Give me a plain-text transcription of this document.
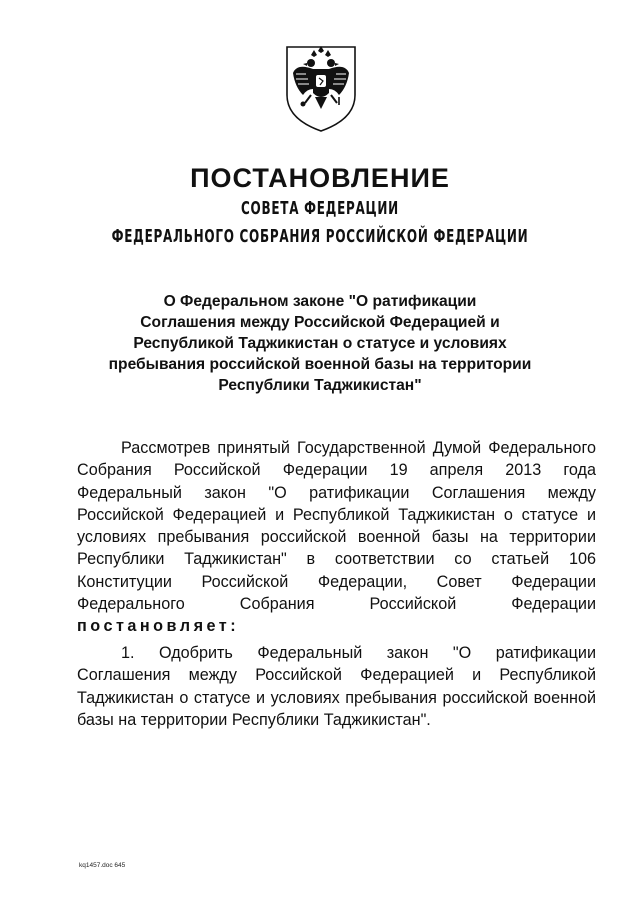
ПОСТАНОВЛЕНИЕ
СОВЕТА ФЕДЕРАЦИИ
ФЕДЕРАЛЬНОГО СОБРАНИЯ РОССИЙСКОЙ ФЕДЕРАЦИИ
О Федеральном законе "О ратификации
Соглашения между Российской Федерацией и
Республикой Таджикистан о статусе и условиях
пребывания российской военной базы на территории
Республики Таджикистан"
Рассмотрев принятый Государственной Думой Федерального
Собрания Российской Федерации 19 апреля 2013 года
Федеральный закон "О ратификации Соглашения между
Российской Федерацией и Республикой Таджикистан о статусе и
условиях пребывания российской военной базы на территории
Республики Таджикистан" в соответствии со статьей 106
Конституции Российской Федерации, Совет Федерации
Федерального Собрания Российской Федерации
постановляет:
1. Одобрить Федеральный закон "О ратификации
Соглашения между Российской Федерацией и Республикой
Таджикистан о статусе и условиях пребывания российской военной
базы на территории Республики Таджикистан".
kq1457.doc 645
